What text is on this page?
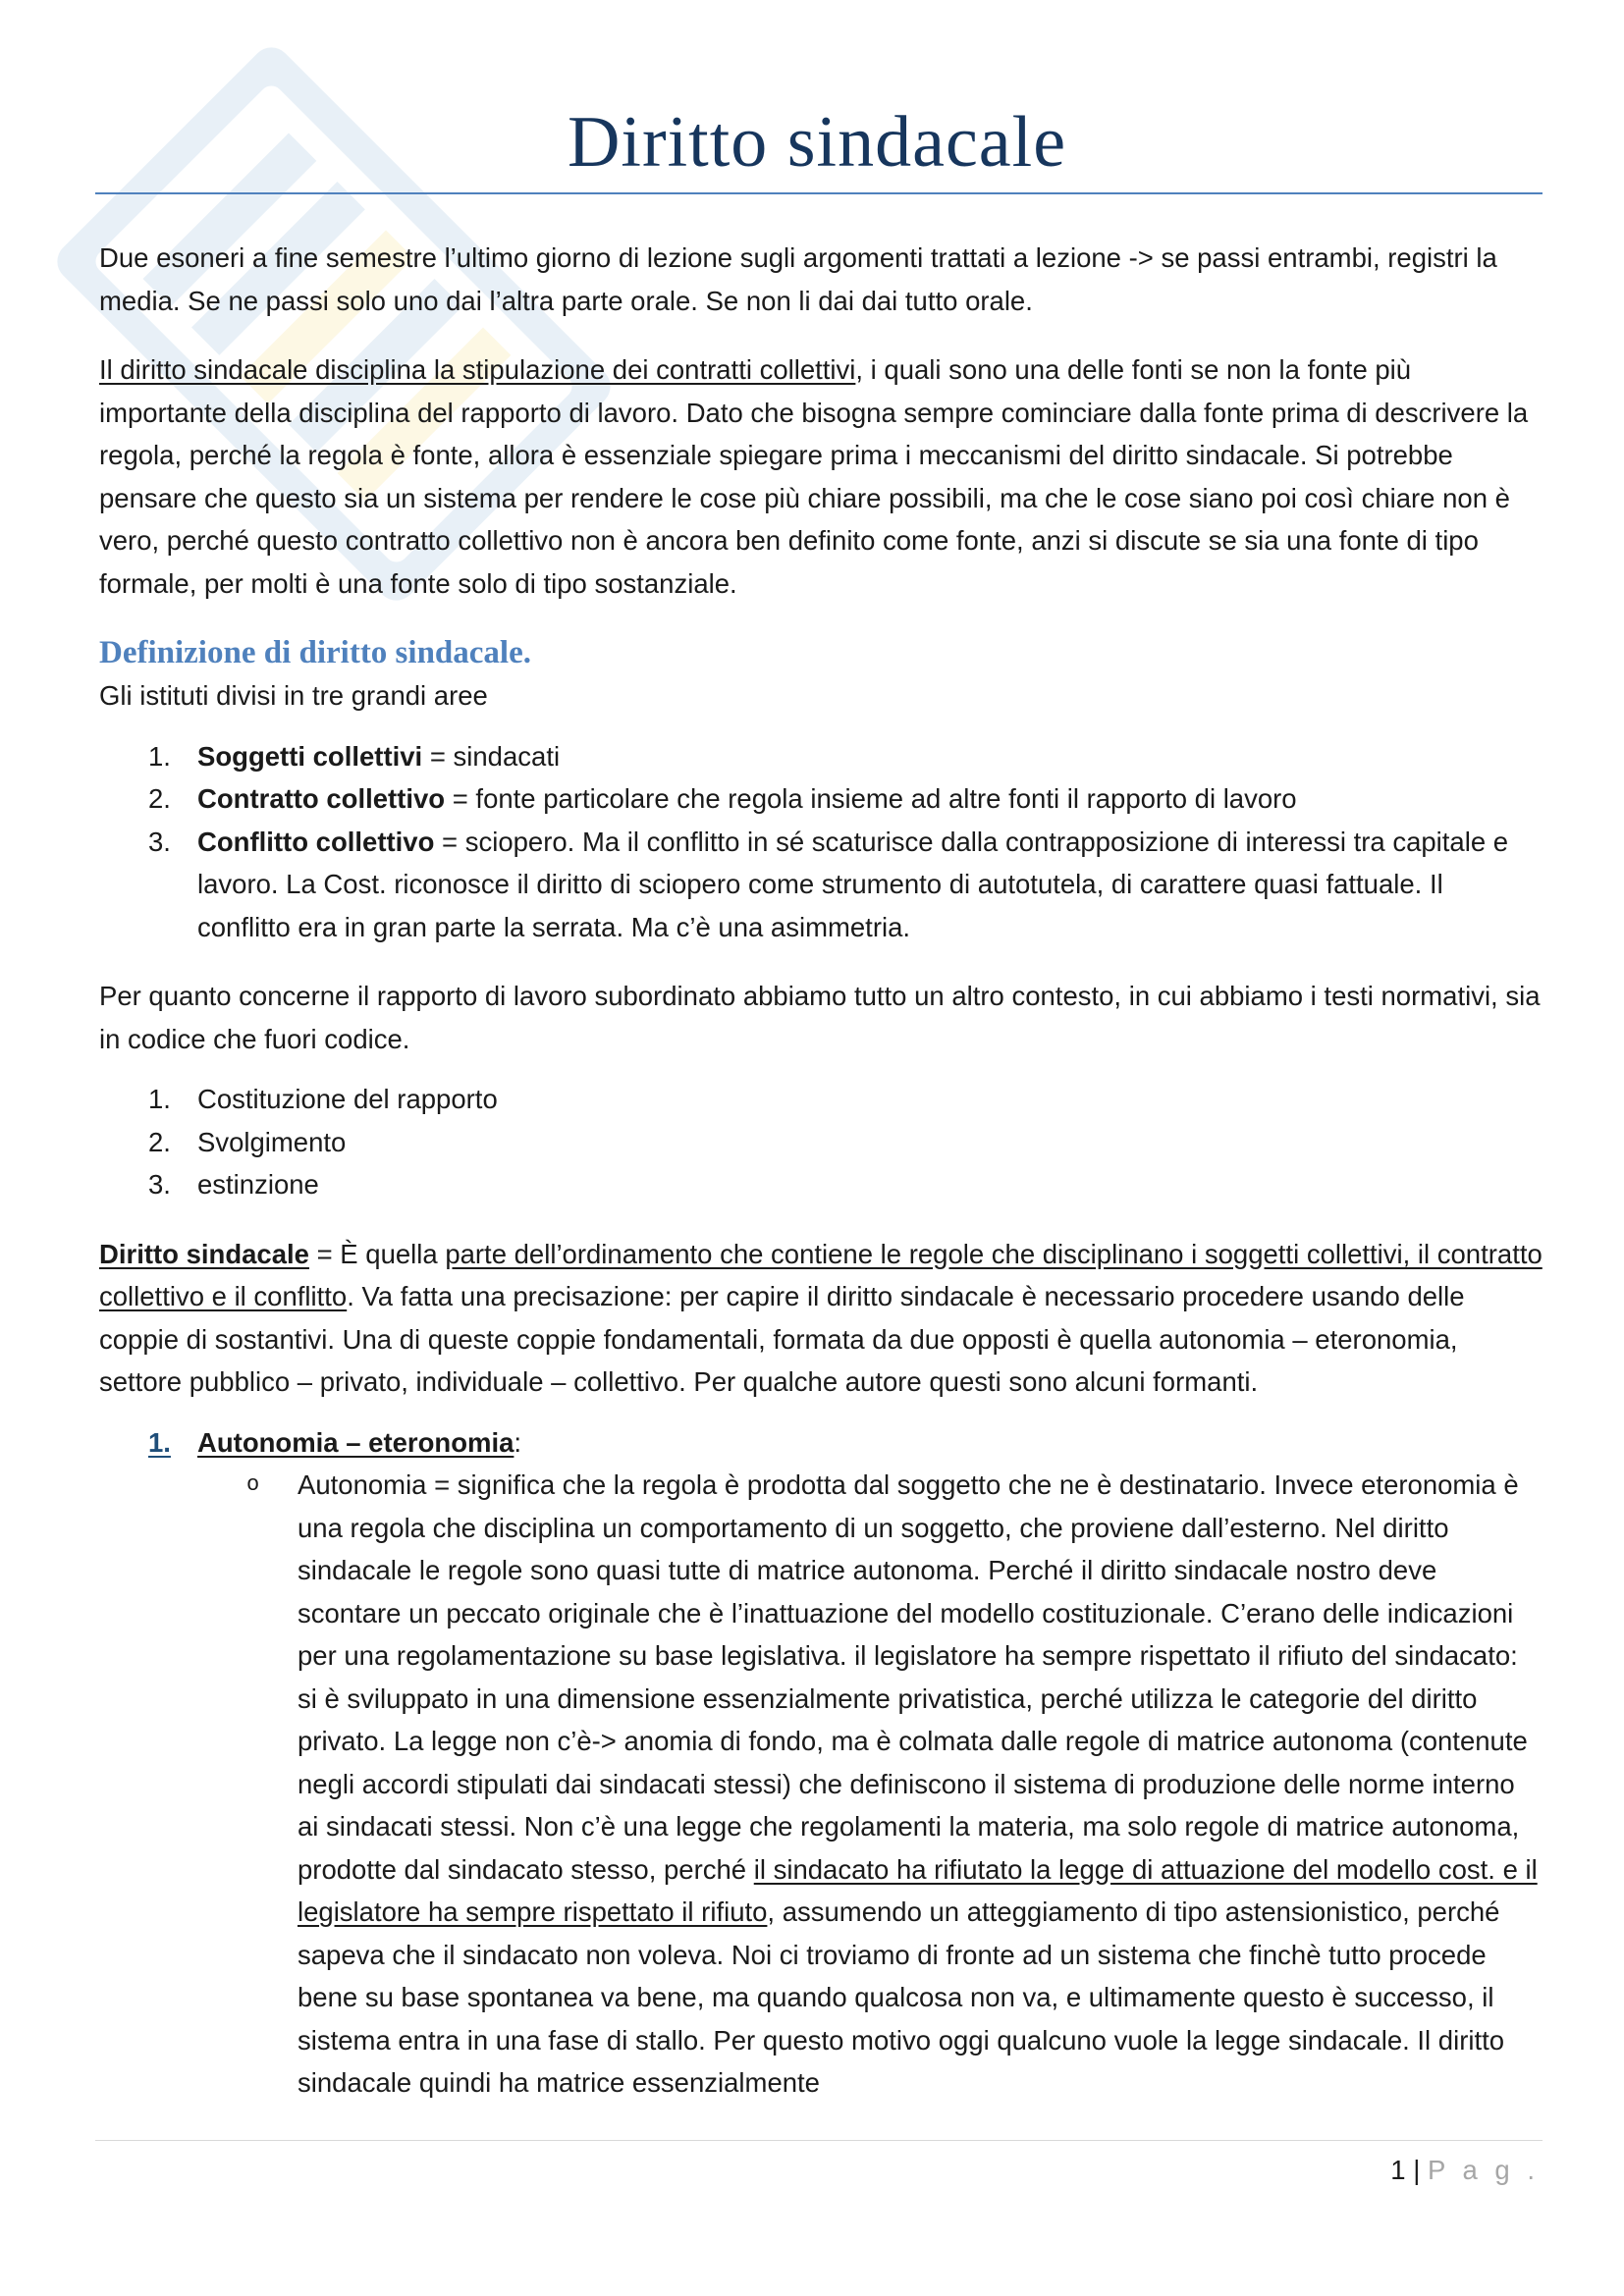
Diritto sindacale

Due esoneri a fine semestre l’ultimo giorno di lezione sugli argomenti trattati a lezione -> se passi entrambi, registri la media. Se ne passi solo uno dai l’altra parte orale. Se non li dai dai tutto orale.

Il diritto sindacale disciplina la stipulazione dei contratti collettivi, i quali sono una delle fonti se non la fonte più importante della disciplina del rapporto di lavoro. Dato che bisogna sempre cominciare dalla fonte prima di descrivere la regola, perché la regola è fonte, allora è essenziale spiegare prima i meccanismi del diritto sindacale. Si potrebbe pensare che questo sia un sistema per rendere le cose più chiare possibili, ma che le cose siano poi così chiare non è vero, perché questo contratto collettivo non è ancora ben definito come fonte, anzi si discute se sia una fonte di tipo formale, per molti è una fonte solo di tipo sostanziale.

Definizione di diritto sindacale.

Gli istituti divisi in tre grandi aree

1. Soggetti collettivi = sindacati
2. Contratto collettivo = fonte particolare che regola insieme ad altre fonti il rapporto di lavoro
3. Conflitto collettivo = sciopero. Ma il conflitto in sé scaturisce dalla contrapposizione di interessi tra capitale e lavoro. La Cost. riconosce il diritto di sciopero come strumento di autotutela, di carattere quasi fattuale. Il conflitto era in gran parte la serrata. Ma c’è una asimmetria.

Per quanto concerne il rapporto di lavoro subordinato abbiamo tutto un altro contesto, in cui abbiamo i testi normativi, sia in codice che fuori codice.

1. Costituzione del rapporto
2. Svolgimento
3. estinzione

Diritto sindacale = È quella parte dell’ordinamento che contiene le regole che disciplinano i soggetti collettivi, il contratto collettivo e il conflitto. Va fatta una precisazione: per capire il diritto sindacale è necessario procedere usando delle coppie di sostantivi. Una di queste coppie fondamentali, formata da due opposti è quella autonomia – eteronomia, settore pubblico – privato, individuale – collettivo. Per qualche autore questi sono alcuni formanti.

1. Autonomia – eteronomia:
o Autonomia = significa che la regola è prodotta dal soggetto che ne è destinatario. Invece eteronomia è una regola che disciplina un comportamento di un soggetto, che proviene dall’esterno. Nel diritto sindacale le regole sono quasi tutte di matrice autonoma. Perché il diritto sindacale nostro deve scontare un peccato originale che è l’inattuazione del modello costituzionale. C’erano delle indicazioni per una regolamentazione su base legislativa. il legislatore ha sempre rispettato il rifiuto del sindacato: si è sviluppato in una dimensione essenzialmente privatistica, perché utilizza le categorie del diritto privato. La legge non c’è-> anomia di fondo, ma è colmata dalle regole di matrice autonoma (contenute negli accordi stipulati dai sindacati stessi) che definiscono il sistema di produzione delle norme interno ai sindacati stessi. Non c’è una legge che regolamenti la materia, ma solo regole di matrice autonoma, prodotte dal sindacato stesso, perché il sindacato ha rifiutato la legge di attuazione del modello cost. e il legislatore ha sempre rispettato il rifiuto, assumendo un atteggiamento di tipo astensionistico, perché sapeva che il sindacato non voleva. Noi ci troviamo di fronte ad un sistema che finchè tutto procede bene su base spontanea va bene, ma quando qualcosa non va, e ultimamente questo è successo, il sistema entra in una fase di stallo. Per questo motivo oggi qualcuno vuole la legge sindacale. Il diritto sindacale quindi ha matrice essenzialmente
1 | P a g .
